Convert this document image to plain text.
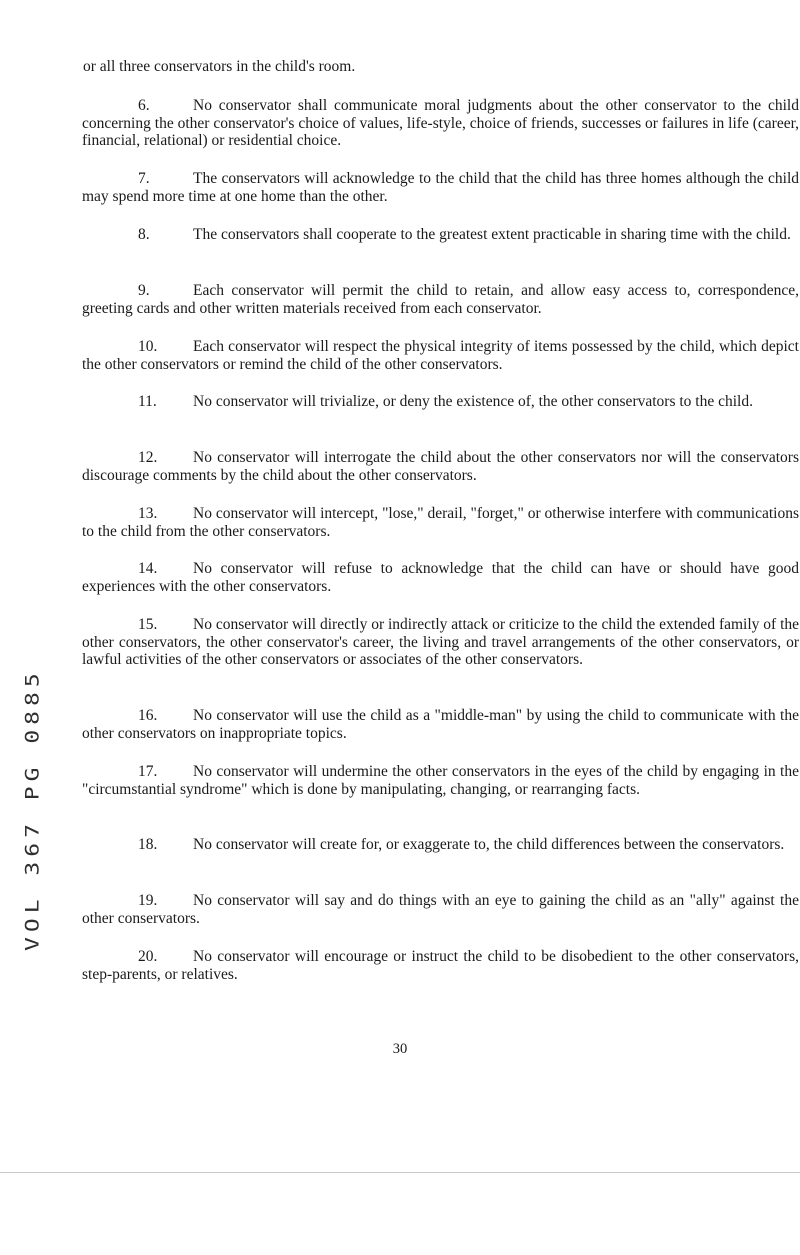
or all three conservators in the child's room.

6.	No conservator shall communicate moral judgments about the other conservator to the child concerning the other conservator's choice of values, life-style, choice of friends, successes or failures in life (career, financial, relational) or residential choice.

7.	The conservators will acknowledge to the child that the child has three homes although the child may spend more time at one home than the other.

8.	The conservators shall cooperate to the greatest extent practicable in sharing time with the child.

9.	Each conservator will permit the child to retain, and allow easy access to, correspondence, greeting cards and other written materials received from each conservator.

10. Each conservator will respect the physical integrity of items possessed by the child, which depict the other conservators or remind the child of the other conservators.

11. No conservator will trivialize, or deny the existence of, the other conservators to the child.

12. No conservator will interrogate the child about the other conservators nor will the conservators discourage comments by the child about the other conservators.

13. No conservator will intercept, "lose," derail, "forget," or otherwise interfere with communications to the child from the other conservators.

14. No conservator will refuse to acknowledge that the child can have or should have good experiences with the other conservators.

15. No conservator will directly or indirectly attack or criticize to the child the extended family of the other conservators, the other conservator's career, the living and travel arrangements of the other conservators, or lawful activities of the other conservators or associates of the other conservators.

16. No conservator will use the child as a "middle-man" by using the child to communicate with the other conservators on inappropriate topics.

17. No conservator will undermine the other conservators in the eyes of the child by engaging in the "circumstantial syndrome" which is done by manipulating, changing, or rearranging facts.

18. No conservator will create for, or exaggerate to, the child differences between the conservators.

19. No conservator will say and do things with an eye to gaining the child as an "ally" against the other conservators.

20. No conservator will encourage or instruct the child to be disobedient to the other conservators, step-parents, or relatives.

30
VOL 367 PG 0885
